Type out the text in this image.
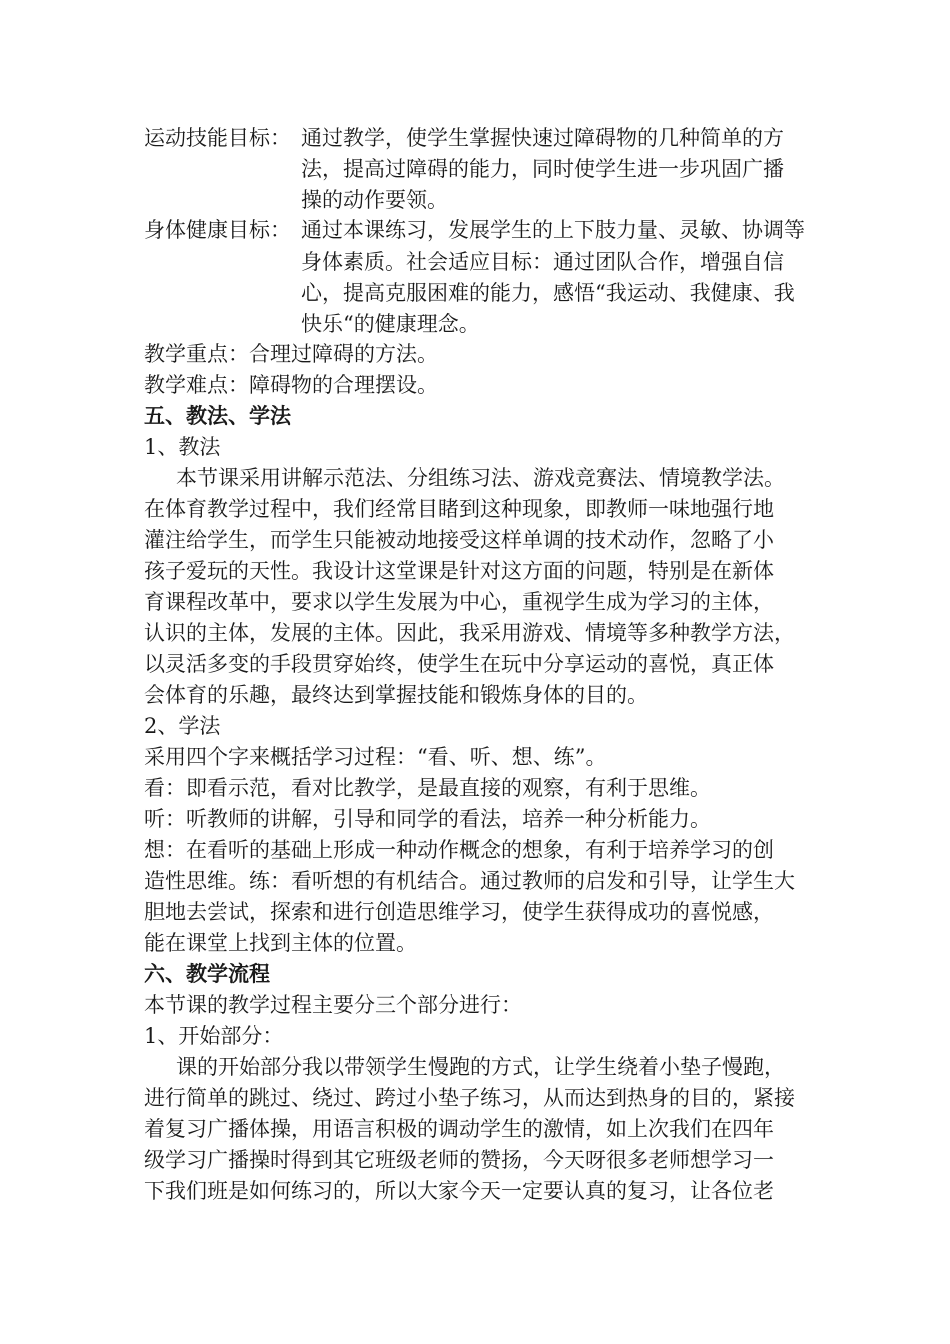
运动技能目标： 通过教学，使学生掌握快速过障碍物的几种简单的方
法，提高过障碍的能力，同时使学生进一步巩固广播
操的动作要领。
身体健康目标： 通过本课练习，发展学生的上下肢力量、灵敏、协调等
身体素质。社会适应目标：通过团队合作，增强自信
心，提高克服困难的能力，感悟“我运动、我健康、我
快乐“的健康理念。
教学重点：合理过障碍的方法。
教学难点：障碍物的合理摆设。
五、教法、学法
1、教法
本节课采用讲解示范法、分组练习法、游戏竞赛法、情境教学法。
在体育教学过程中，我们经常目睹到这种现象，即教师一味地强行地
灌注给学生，而学生只能被动地接受这样单调的技术动作，忽略了小
孩子爱玩的天性。我设计这堂课是针对这方面的问题，特别是在新体
育课程改革中，要求以学生发展为中心，重视学生成为学习的主体，
认识的主体，发展的主体。因此，我采用游戏、情境等多种教学方法，
以灵活多变的手段贯穿始终，使学生在玩中分享运动的喜悦，真正体
会体育的乐趣，最终达到掌握技能和锻炼身体的目的。
2、学法
采用四个字来概括学习过程：“看、听、想、练”。
看：即看示范，看对比教学，是最直接的观察，有利于思维。
听：听教师的讲解，引导和同学的看法，培养一种分析能力。
想：在看听的基础上形成一种动作概念的想象，有利于培养学习的创
造性思维。练：看听想的有机结合。通过教师的启发和引导，让学生大
胆地去尝试，探索和进行创造思维学习，使学生获得成功的喜悦感，
能在课堂上找到主体的位置。
六、教学流程
本节课的教学过程主要分三个部分进行：
1、开始部分：
课的开始部分我以带领学生慢跑的方式，让学生绕着小垫子慢跑，
进行简单的跳过、绕过、跨过小垫子练习，从而达到热身的目的，紧接
着复习广播体操，用语言积极的调动学生的激情，如上次我们在四年
级学习广播操时得到其它班级老师的赞扬，今天呀很多老师想学习一
下我们班是如何练习的，所以大家今天一定要认真的复习，让各位老
